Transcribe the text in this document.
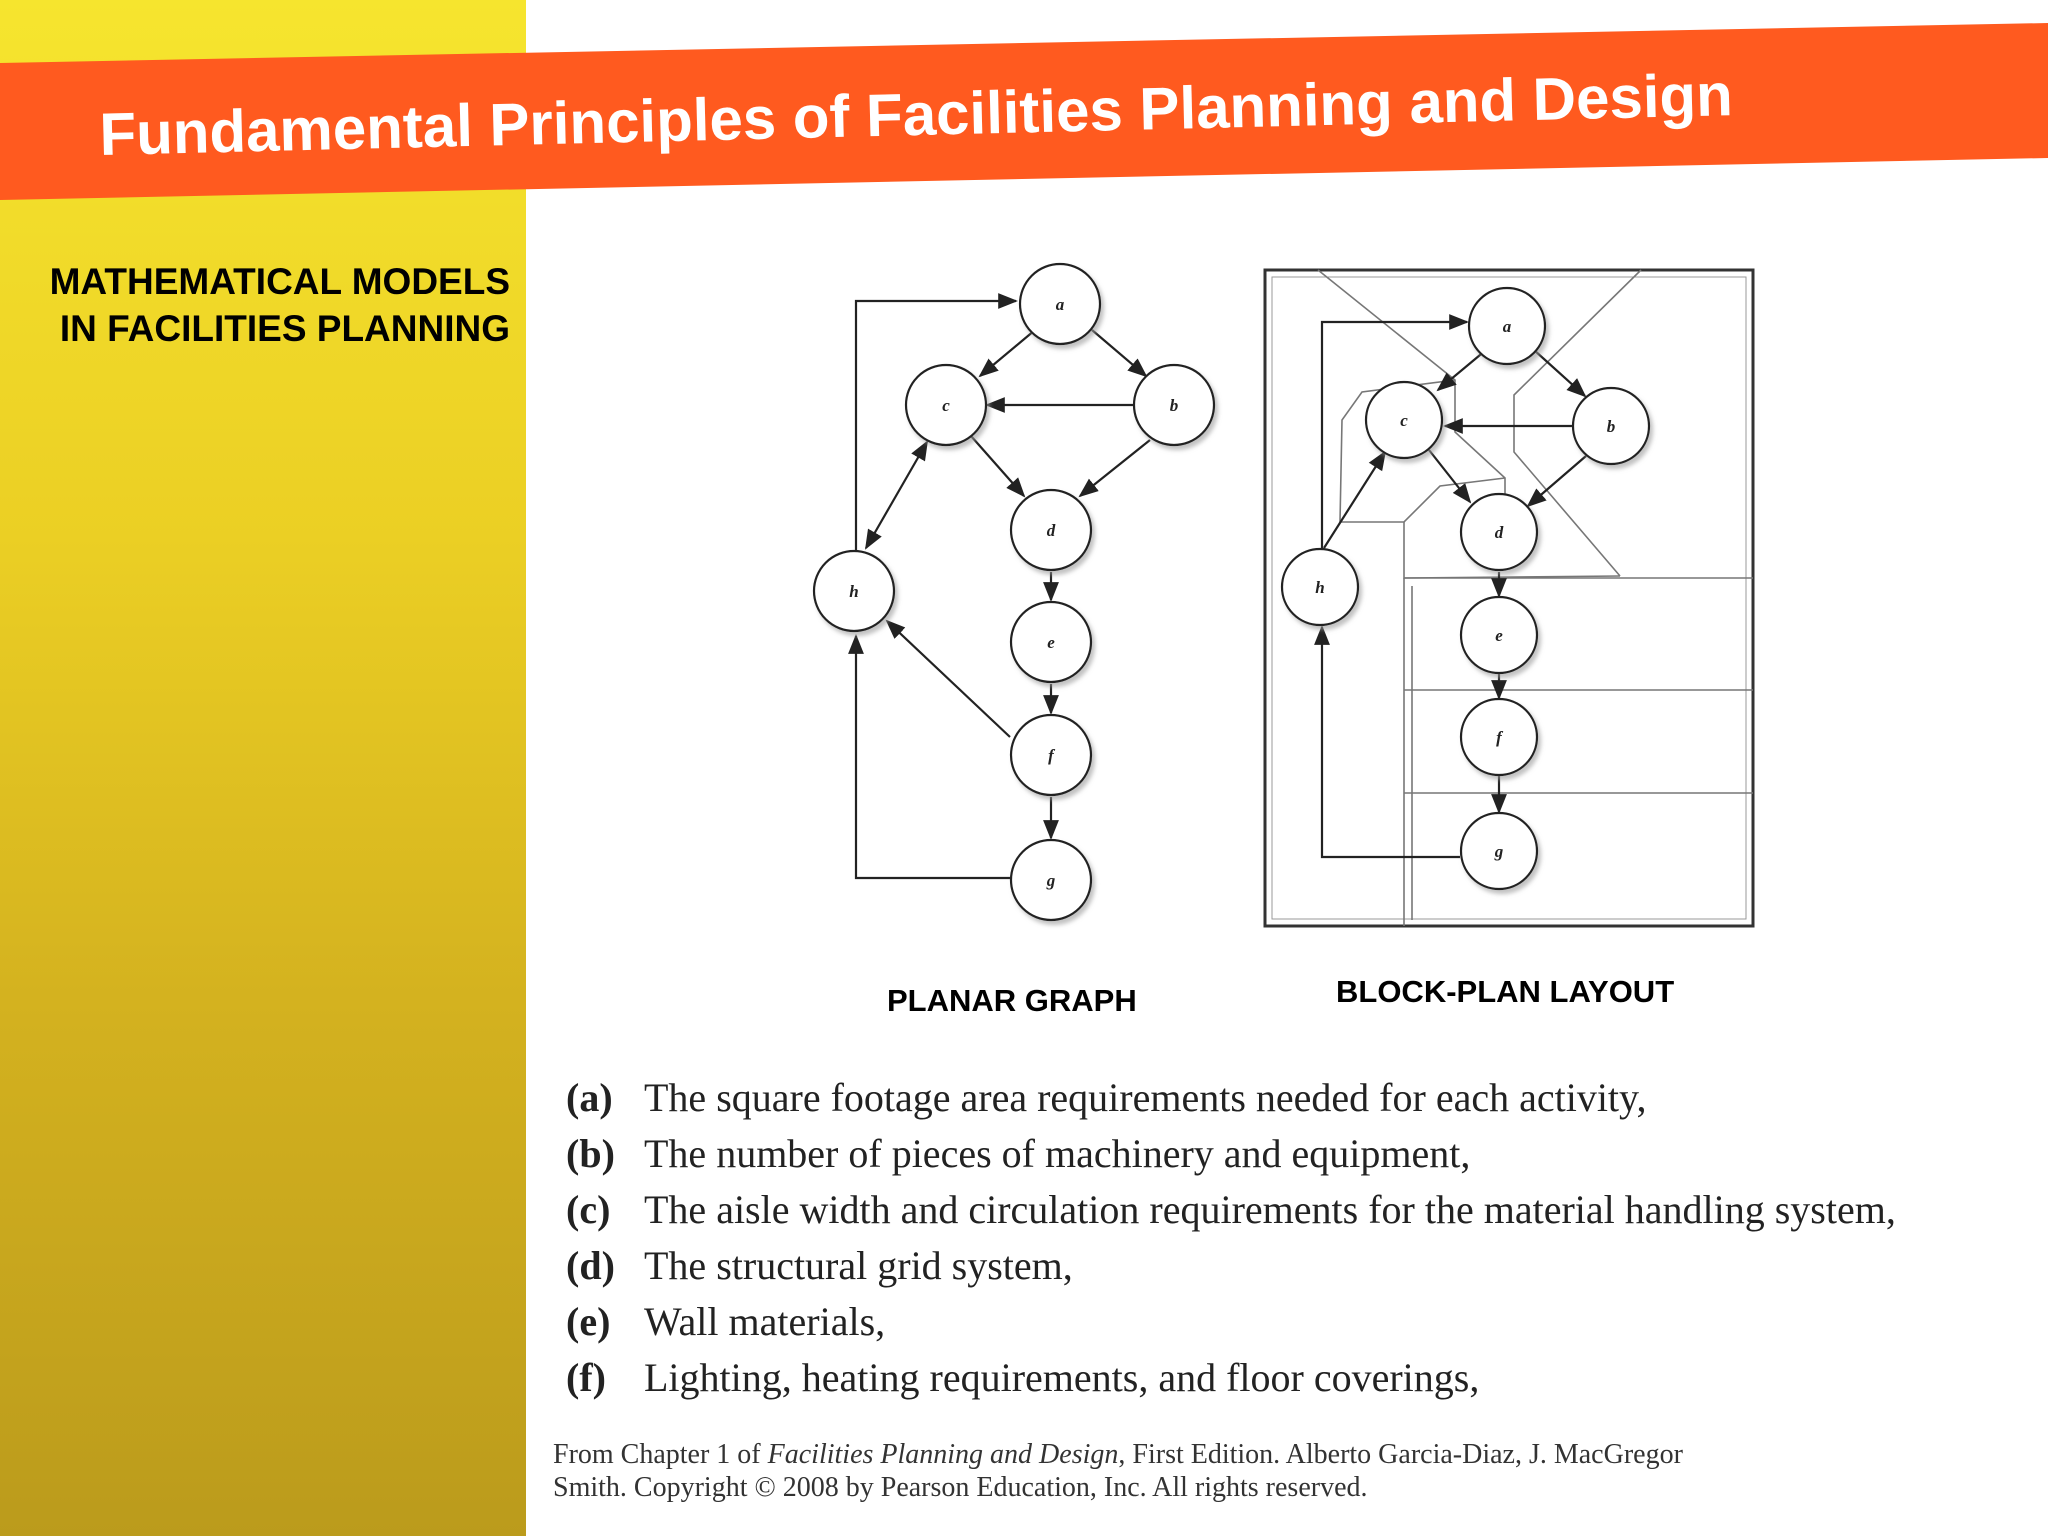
Fundamental Principles of Facilities Planning and Design
MATHEMATICAL MODELS
IN FACILITIES PLANNING
a
b
c
d
e
f
g
h
a
b
c
d
e
f
g
h
PLANAR GRAPH	BLOCK-PLAN LAYOUT
(a) The square footage area requirements needed for each activity,
(b) The number of pieces of machinery and equipment,
(c) The aisle width and circulation requirements for the material handling system,
(d) The structural grid system,
(e) Wall materials,
(f) Lighting, heating requirements, and floor coverings,
From Chapter 1 of Facilities Planning and Design, First Edition. Alberto Garcia-Diaz, J. MacGregor
Smith. Copyright © 2008 by Pearson Education, Inc. All rights reserved.
